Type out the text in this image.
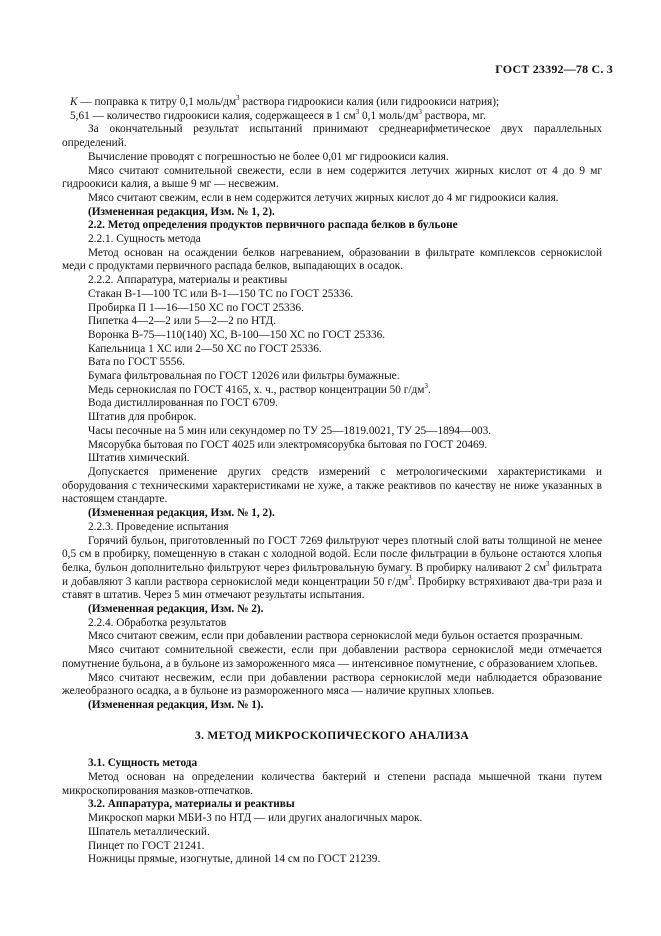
ГОСТ 23392—78 С. 3

K — поправка к титру 0,1 моль/$дм^3$ раствора гидроокиси калия (или гидроокиси натрия);

5,61 — количество гидроокиси калия, содержащееся в 1 $см^3$ 0,1 моль/$дм^3$ раствора, мг.

За окончательный результат испытаний принимают среднеарифметическое двух параллельных определений.

Вычисление проводят с погрешностью не более 0,01 мг гидроокиси калия.

Мясо считают сомнительной свежести, если в нем содержится летучих жирных кислот от 4 до 9 мг гидроокиси калия, а выше 9 мг — несвежим.

Мясо считают свежим, если в нем содержится летучих жирных кислот до 4 мг гидроокиси калия.

(Измененная редакция, Изм. № 1, 2).

2.2. Метод определения продуктов первичного распада белков в бульоне

2.2.1. Сущность метода

Метод основан на осаждении белков нагреванием, образовании в фильтрате комплексов сернокислой меди с продуктами первичного распада белков, выпадающих в осадок.

2.2.2. Аппаратура, материалы и реактивы

Стакан В-1—100 ТС или В-1—150 ТС по ГОСТ 25336.

Пробирка П 1—16—150 ХС по ГОСТ 25336.

Пипетка 4—2—2 или 5—2—2 по НТД.

Воронка В-75—110(140) ХС, В-100—150 ХС по ГОСТ 25336.

Капельница 1 ХС или 2—50 ХС по ГОСТ 25336.

Вата по ГОСТ 5556.

Бумага фильтровальная по ГОСТ 12026 или фильтры бумажные.

Медь сернокислая по ГОСТ 4165, х. ч., раствор концентрации 50 $г/дм^3$.

Вода дистиллированная по ГОСТ 6709.

Штатив для пробирок.

Часы песочные на 5 мин или секундомер по ТУ 25—1819.0021, ТУ 25—1894—003.

Мясорубка бытовая по ГОСТ 4025 или электромясорубка бытовая по ГОСТ 20469.

Штатив химический.

Допускается применение других средств измерений с метрологическими характеристиками и оборудования с техническими характеристиками не хуже, а также реактивов по качеству не ниже указанных в настоящем стандарте.

(Измененная редакция, Изм. № 1, 2).

2.2.3. Проведение испытания

Горячий бульон, приготовленный по ГОСТ 7269 фильтруют через плотный слой ваты толщиной не менее 0,5 см в пробирку, помещенную в стакан с холодной водой. Если после фильтрации в бульоне остаются хлопья белка, бульон дополнительно фильтруют через фильтровальную бумагу. В пробирку наливают 2 $см^3$ фильтрата и добавляют 3 капли раствора сернокислой меди концентрации 50 $г/дм^3$. Пробирку встряхивают два-три раза и ставят в штатив. Через 5 мин отмечают результаты испытания.

(Измененная редакция, Изм. № 2).

2.2.4. Обработка результатов

Мясо считают свежим, если при добавлении раствора сернокислой меди бульон остается прозрачным.

Мясо считают сомнительной свежести, если при добавлении раствора сернокислой меди отмечается помутнение бульона, а в бульоне из замороженного мяса — интенсивное помутнение, с образованием хлопьев.

Мясо считают несвежим, если при добавлении раствора сернокислой меди наблюдается образование желеобразного осадка, а в бульоне из размороженного мяса — наличие крупных хлопьев.

(Измененная редакция, Изм. № 1).

3. МЕТОД МИКРОСКОПИЧЕСКОГО АНАЛИЗА

3.1. Сущность метода

Метод основан на определении количества бактерий и степени распада мышечной ткани путем микроскопирования мазков-отпечатков.

3.2. Аппаратура, материалы и реактивы

Микроскоп марки МБИ-3 по НТД — или других аналогичных марок.

Шпатель металлический.

Пинцет по ГОСТ 21241.

Ножницы прямые, изогнутые, длиной 14 см по ГОСТ 21239.
